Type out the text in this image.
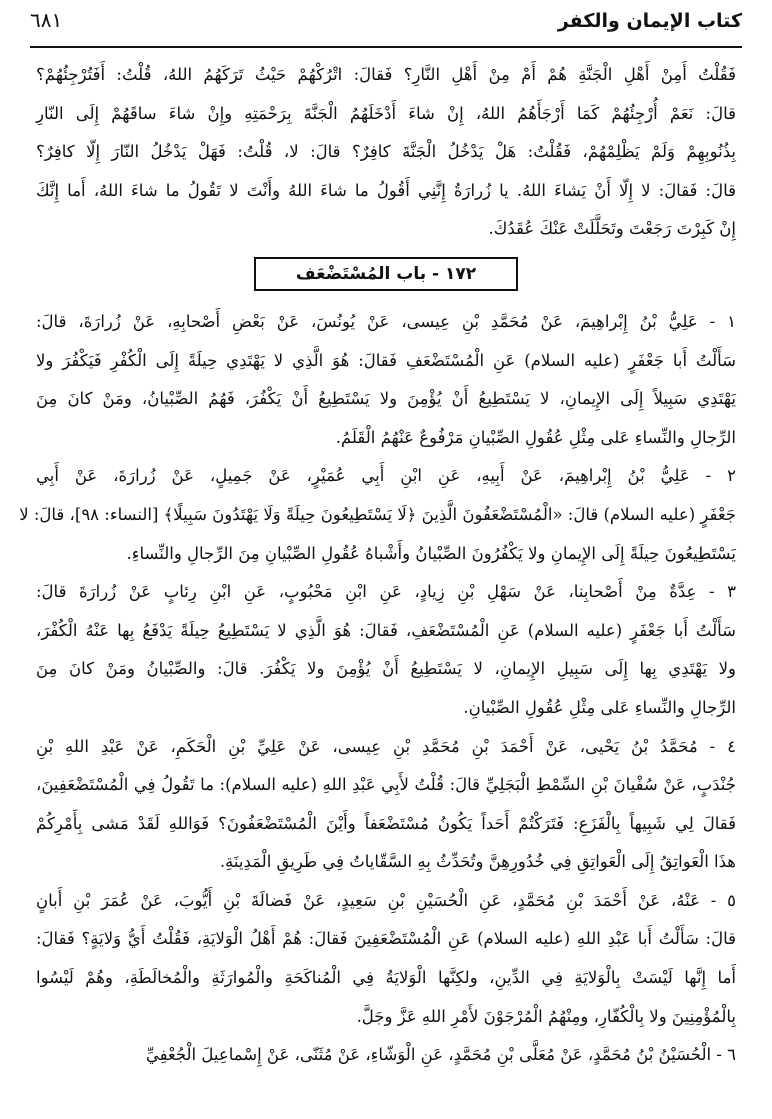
كتاب الإيمان والكفر
٦٨١
فَقُلْتُ أَمِنْ أَهْلِ الْجَنَّةِ هُمْ أَمْ مِنْ أَهْلِ النَّارِ؟ فَقالَ: اتْرُكْهُمْ حَيْثُ تَرَكَهُمُ اللهُ، قُلْتُ: أَفَتُرْجِئُهُمْ؟
قالَ: نَعَمْ أُرْجِئُهُمْ كَمَا أَرْجَأَهُمُ اللهُ، إِنْ شاءَ أَدْخَلَهُمُ الْجَنَّةَ بِرَحْمَتِهِ وإِنْ شاءَ ساقَهُمْ إِلَى النّارِ
بِذُنُوبِهِمْ وَلَمْ يَظْلِمْهُمْ، فَقُلْتُ: هَلْ يَدْخُلُ الْجَنَّةَ كافِرٌ؟ قالَ: لا، قُلْتُ: فَهَلْ يَدْخُلُ النّارَ إِلّا كافِرٌ؟
قالَ: فَقالَ: لا إِلّا أَنْ يَشاءَ اللهُ. يا زُرارَةُ إِنَّنِي أَقُولُ ما شاءَ اللهُ وأَنْتَ لا تَقُولُ ما شاءَ اللهُ، أَما إِنَّكَ
إِنْ كَبِرْتَ رَجَعْتَ وتَحَلَّلَتْ عَنْكَ عُقَدُكَ.
١٧٢ - باب المُسْتَضْعَف
١ - عَلِيُّ بْنُ إِبْراهِيمَ، عَنْ مُحَمَّدِ بْنِ عِيسى، عَنْ يُونُسَ، عَنْ بَعْضِ أَصْحابِهِ، عَنْ زُرارَةَ، قالَ:
سَأَلْتُ أَبا جَعْفَرٍ (عليه السلام) عَنِ الْمُسْتَضْعَفِ فَقالَ: هُوَ الَّذِي لا يَهْتَدِي حِيلَةً إِلَى الْكُفْرِ فَيَكْفُرَ ولا
يَهْتَدِي سَبِيلاً إِلَى الإِيمانِ، لا يَسْتَطِيعُ أَنْ يُؤْمِنَ ولا يَسْتَطِيعُ أَنْ يَكْفُرَ، فَهُمُ الصِّبْيانُ، ومَنْ كانَ مِنَ
الرِّجالِ والنِّساءِ عَلى مِثْلِ عُقُولِ الصِّبْيانِ مَرْفُوعٌ عَنْهُمُ الْقَلَمُ.
٢ - عَلِيُّ بْنُ إِبْراهِيمَ، عَنْ أَبِيهِ، عَنِ ابْنِ أَبِي عُمَيْرٍ، عَنْ جَمِيلٍ، عَنْ زُرارَةَ، عَنْ أَبِي
جَعْفَرٍ (عليه السلام) قالَ: «الْمُسْتَضْعَفُونَ الَّذِينَ ﴿لَا يَسْتَطِيعُونَ حِيلَةً وَلَا يَهْتَدُونَ سَبِيلًا﴾ [النساء: ٩٨]، قالَ: لا
يَسْتَطِيعُونَ حِيلَةً إِلَى الإِيمانِ ولا يَكْفُرُونَ الصِّبْيانُ وأَشْباهُ عُقُولِ الصِّبْيانِ مِنَ الرِّجالِ والنِّساءِ.
٣ - عِدَّةٌ مِنْ أَصْحابِنا، عَنْ سَهْلِ بْنِ زِيادٍ، عَنِ ابْنِ مَحْبُوبٍ، عَنِ ابْنِ رِئابٍ عَنْ زُرارَةَ قالَ:
سَأَلْتُ أَبا جَعْفَرٍ (عليه السلام) عَنِ الْمُسْتَضْعَفِ، فَقالَ: هُوَ الَّذِي لا يَسْتَطِيعُ حِيلَةً يَدْفَعُ بِها عَنْهُ الْكُفْرَ،
ولا يَهْتَدِي بِها إِلَى سَبِيلِ الإِيمانِ، لا يَسْتَطِيعُ أَنْ يُؤْمِنَ ولا يَكْفُرَ. قالَ: والصِّبْيانُ ومَنْ كانَ مِنَ
الرِّجالِ والنِّساءِ عَلى مِثْلِ عُقُولِ الصِّبْيانِ.
٤ - مُحَمَّدُ بْنُ يَحْيى، عَنْ أَحْمَدَ بْنِ مُحَمَّدِ بْنِ عِيسى، عَنْ عَلِيِّ بْنِ الْحَكَمِ، عَنْ عَبْدِ اللهِ بْنِ
جُنْدَبٍ، عَنْ سُفْيانَ بْنِ السِّمْطِ الْبَجَلِيِّ قالَ: قُلْتُ لأَبِي عَبْدِ اللهِ (عليه السلام): ما تَقُولُ فِي الْمُسْتَضْعَفِينَ،
فَقالَ لِي شَبِيهاً بِالْفَزَعِ: فَتَرَكْتُمْ أَحَداً يَكُونُ مُسْتَضْعَفاً وأَيْنَ الْمُسْتَضْعَفُونَ؟ فَوَاللهِ لَقَدْ مَشى بِأَمْرِكُمْ
هذَا الْعَواتِقُ إِلَى الْعَواتِقِ فِي خُدُورِهِنَّ وتُحَدِّثُ بِهِ السَّقّاياتُ فِي طَرِيقِ الْمَدِينَةِ.
٥ - عَنْهُ، عَنْ أَحْمَدَ بْنِ مُحَمَّدٍ، عَنِ الْحُسَيْنِ بْنِ سَعِيدٍ، عَنْ فَضالَةَ بْنِ أَيُّوبَ، عَنْ عُمَرَ بْنِ أَبانٍ
قالَ: سَأَلْتُ أَبا عَبْدِ اللهِ (عليه السلام) عَنِ الْمُسْتَضْعَفِينَ فَقالَ: هُمْ أَهْلُ الْوَلايَةِ، فَقُلْتُ أَيُّ وَلايَةٍ؟ فَقالَ:
أَما إِنَّها لَيْسَتْ بِالْوَلايَةِ فِي الدِّينِ، ولكِنَّها الْوَلايَةُ فِي الْمُناكَحَةِ والْمُوارَثَةِ والْمُخالَطَةِ، وهُمْ لَيْسُوا
بِالْمُؤْمِنِينَ ولا بِالْكُفّارِ، ومِنْهُمُ الْمُرْجَوْنَ لأَمْرِ اللهِ عَزَّ وجَلَّ.
٦ - الْحُسَيْنُ بْنُ مُحَمَّدٍ، عَنْ مُعَلَّى بْنِ مُحَمَّدٍ، عَنِ الْوَشّاءِ، عَنْ مُثَنّى، عَنْ إِسْماعِيلَ الْجُعْفِيِّ
